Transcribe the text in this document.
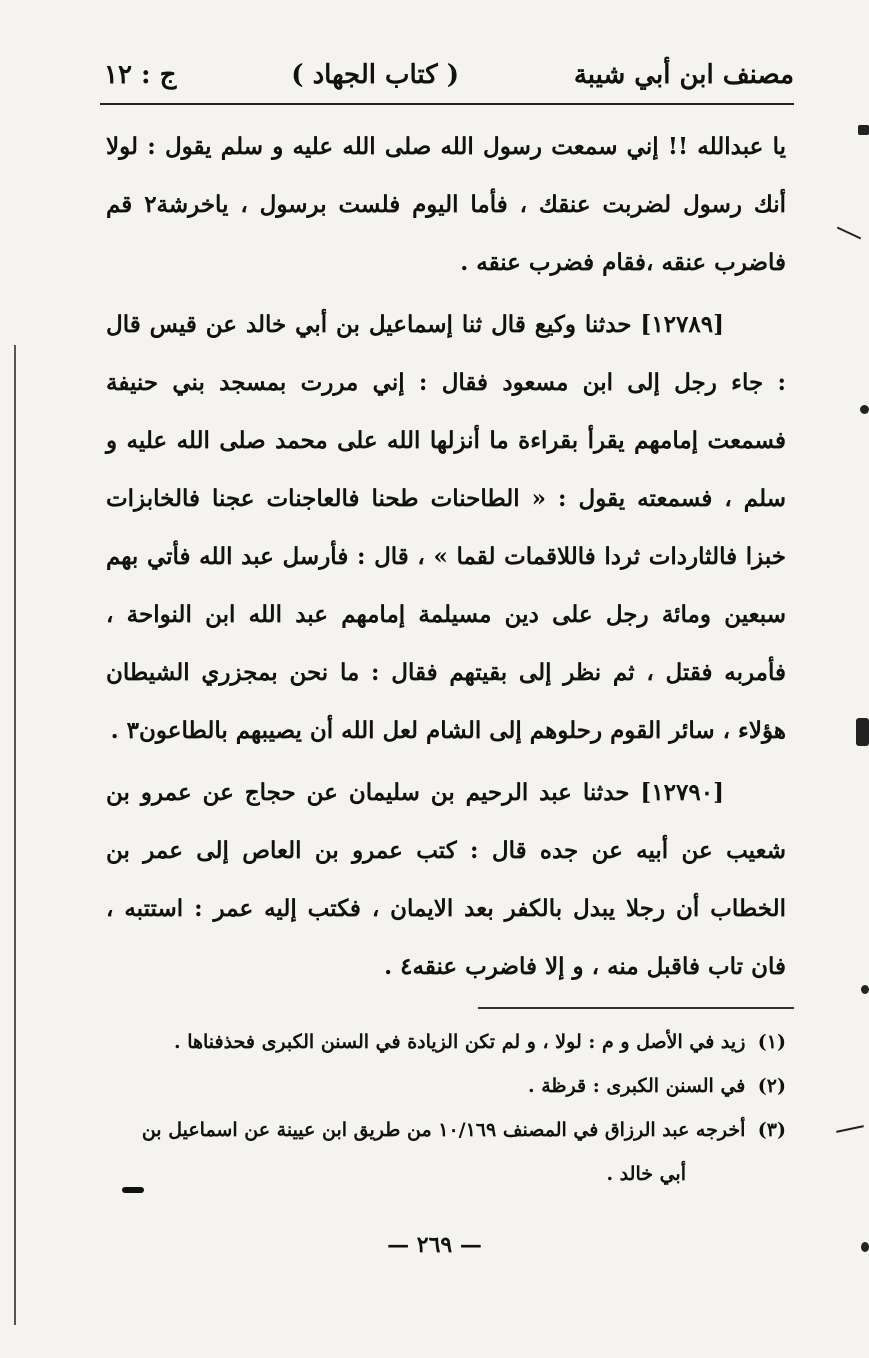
مصنف ابن أبي شيبة
( كتاب الجهاد )
ج : ١٢

يا عبدالله !! إني سمعت رسول الله صلى الله عليه و سلم يقول : لولا أنك رسول لضربت عنقك ، فأما اليوم فلست برسول ، ياخرشة٢ قم فاضرب عنقه ،فقام فضرب عنقه .

[١٢٧٨٩] حدثنا وكيع قال ثنا إسماعيل بن أبي خالد عن قيس قال : جاء رجل إلى ابن مسعود فقال : إني مررت بمسجد بني حنيفة فسمعت إمامهم يقرأ بقراءة ما أنزلها الله على محمد صلى الله عليه و سلم ، فسمعته يقول : « الطاحنات طحنا فالعاجنات عجنا فالخابزات خبزا فالثاردات ثردا فاللاقمات لقما » ، قال : فأرسل عبد الله فأتي بهم سبعين ومائة رجل على دين مسيلمة إمامهم عبد الله ابن النواحة ، فأمربه فقتل ، ثم نظر إلى بقيتهم فقال : ما نحن بمجزري الشيطان هؤلاء ، سائر القوم رحلوهم إلى الشام لعل الله أن يصيبهم بالطاعون٣ .

[١٢٧٩٠] حدثنا عبد الرحيم بن سليمان عن حجاج عن عمرو بن شعيب عن أبيه عن جده قال : كتب عمرو بن العاص إلى عمر بن الخطاب أن رجلا يبدل بالكفر بعد الايمان ، فكتب إليه عمر : استتبه ، فان تاب فاقبل منه ، و إلا فاضرب عنقه٤ .

(١) زيد في الأصل و م : لولا ، و لم تكن الزيادة في السنن الكبرى فحذفناها .

(٢) في السنن الكبرى : قرظة .

(٣) أخرجه عبد الرزاق في المصنف ١٠/١٦٩ من طريق ابن عيينة عن اسماعيل بن

أبي خالد .

— ٢٦٩ —
